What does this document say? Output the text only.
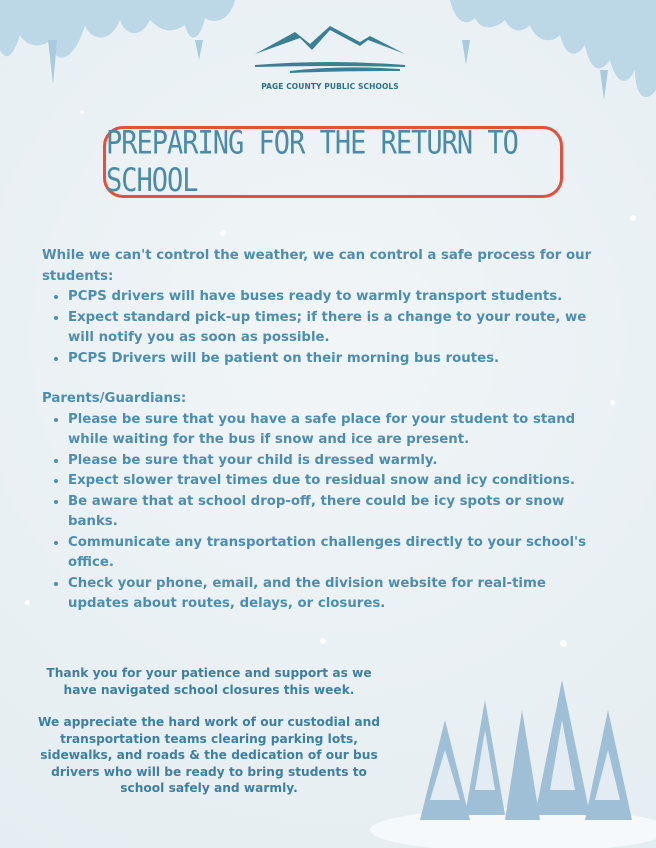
PAGE COUNTY PUBLIC SCHOOLS
PREPARING FOR THE RETURN TO SCHOOL

While we can't control the weather, we can control a safe process for our students:

• PCPS drivers will have buses ready to warmly transport students.
• Expect standard pick-up times; if there is a change to your route, we will notify you as soon as possible.
• PCPS Drivers will be patient on their morning bus routes.

Parents/Guardians:

• Please be sure that you have a safe place for your student to stand while waiting for the bus if snow and ice are present.
• Please be sure that your child is dressed warmly.
• Expect slower travel times due to residual snow and icy conditions.
• Be aware that at school drop-off, there could be icy spots or snow banks.
• Communicate any transportation challenges directly to your school's office.
• Check your phone, email, and the division website for real-time updates about routes, delays, or closures.

Thank you for your patience and support as we have navigated school closures this week.

We appreciate the hard work of our custodial and transportation teams clearing parking lots, sidewalks, and roads & the dedication of our bus drivers who will be ready to bring students to school safely and warmly.
